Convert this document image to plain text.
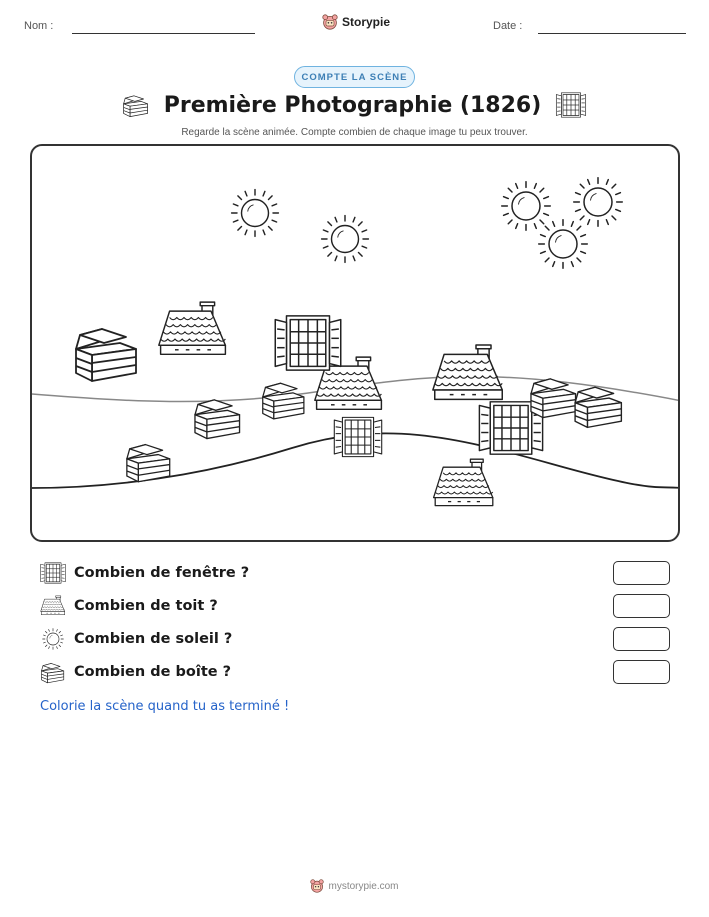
Nom :	Storypie	Date :
COMPTE LA SCÈNE
Première Photographie (1826)
Regarde la scène animée. Compte combien de chaque image tu peux trouver.
Combien de fenêtre ?
Combien de toit ?
Combien de soleil ?
Combien de boîte ?
Colorie la scène quand tu as terminé !
mystorypie.com
